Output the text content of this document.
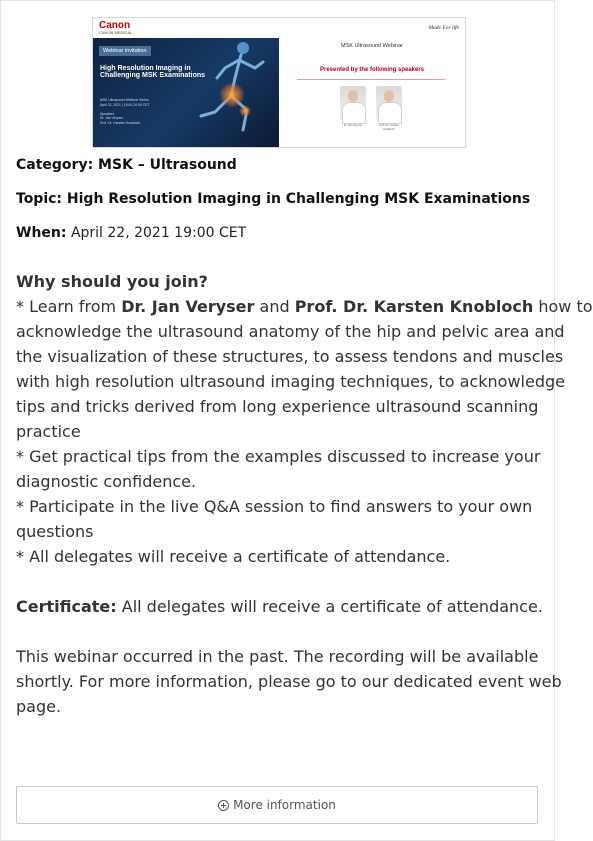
Canon
CANON MEDICAL
Made For life
Webinar invitation
High Resolution Imaging in Challenging MSK Examinations
MSK Ultrasound Webinar Series
April 22, 2021 | 19:00-20:00 CET
Speakers
Dr. Jan Veryser
Prof. Dr. Karsten Knobloch
MSK Ultrasound Webinar
Presented by the following speakers
Dr. Jan Veryser	Prof. Dr. Karsten Knobloch
Category: MSK – Ultrasound
Topic: High Resolution Imaging in Challenging MSK Examinations
When: April 22, 2021 19:00 CET
Why should you join?
* Learn from Dr. Jan Veryser and Prof. Dr. Karsten Knobloch how to
acknowledge the ultrasound anatomy of the hip and pelvic area and
the visualization of these structures, to assess tendons and muscles
with high resolution ultrasound imaging techniques, to acknowledge
tips and tricks derived from long experience ultrasound scanning
practice
* Get practical tips from the examples discussed to increase your
diagnostic confidence.
* Participate in the live Q&A session to find answers to your own
questions
* All delegates will receive a certificate of attendance.
Certificate: All delegates will receive a certificate of attendance.
This webinar occurred in the past. The recording will be available
shortly. For more information, please go to our dedicated event web
page.
More information
